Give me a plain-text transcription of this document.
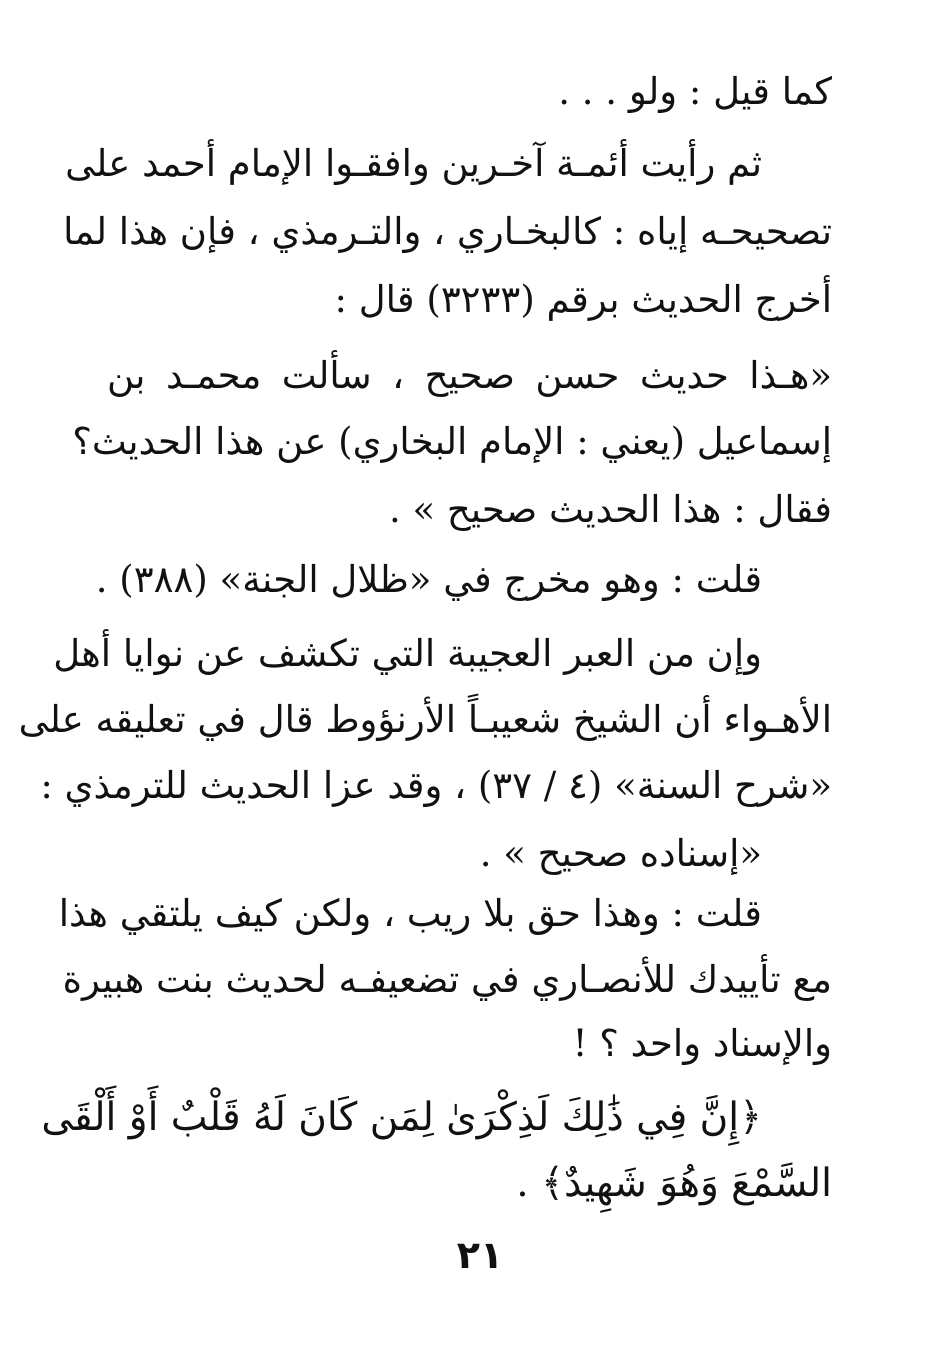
كما قيل : ولو . . .
ثم رأيت أئمـة آخـرين وافقـوا الإمام أحمد على
تصحيحـه إياه : كالبخـاري ، والتـرمذي ، فإن هذا لما
أخرج الحديث برقم (٣٢٣٣) قال :
«هـذا حديث حسن صحيح ، سألت محمـد بن
إسماعيل (يعني : الإمام البخاري) عن هذا الحديث؟
فقال : هذا الحديث صحيح » .
قلت : وهو مخرج في «ظلال الجنة» (٣٨٨) .
وإن من العبر العجيبة التي تكشف عن نوايا أهل
الأهـواء أن الشيخ شعيبـاً الأرنؤوط قال في تعليقه على
«شرح السنة» (٤ / ٣٧) ، وقد عزا الحديث للترمذي :
«إسناده صحيح » .
قلت : وهذا حق بلا ريب ، ولكن كيف يلتقي هذا
مع تأييدك للأنصـاري في تضعيفـه لحديث بنت هبيرة
والإسناد واحد ؟ !
﴿إِنَّ فِي ذَٰلِكَ لَذِكْرَىٰ لِمَن كَانَ لَهُ قَلْبٌ أَوْ أَلْقَى
السَّمْعَ وَهُوَ شَهِيدٌ﴾ .
٢١
